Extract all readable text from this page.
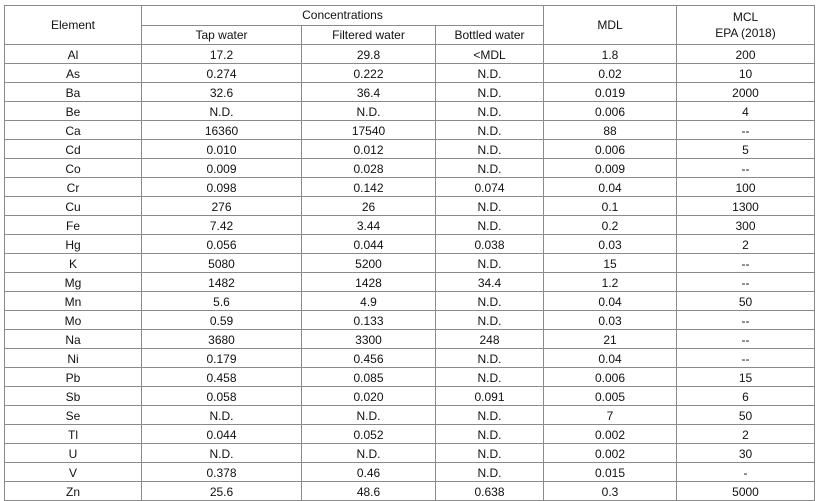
Element	Concentrations			MDL	MCL
EPA (2018)

	Tap water	Filtered water	Bottled water		
Al	17.2	29.8	<MDL	1.8	200
As	0.274	0.222	N.D.	0.02	10
Ba	32.6	36.4	N.D.	0.019	2000
Be	N.D.	N.D.	N.D.	0.006	4
Ca	16360	17540	N.D.	88	--
Cd	0.010	0.012	N.D.	0.006	5
Co	0.009	0.028	N.D.	0.009	--
Cr	0.098	0.142	0.074	0.04	100
Cu	276	26	N.D.	0.1	1300
Fe	7.42	3.44	N.D.	0.2	300
Hg	0.056	0.044	0.038	0.03	2
K	5080	5200	N.D.	15	--
Mg	1482	1428	34.4	1.2	--
Mn	5.6	4.9	N.D.	0.04	50
Mo	0.59	0.133	N.D.	0.03	--
Na	3680	3300	248	21	--
Ni	0.179	0.456	N.D.	0.04	--
Pb	0.458	0.085	N.D.	0.006	15
Sb	0.058	0.020	0.091	0.005	6
Se	N.D.	N.D.	N.D.	7	50
Tl	0.044	0.052	N.D.	0.002	2
U	N.D.	N.D.	N.D.	0.002	30
V	0.378	0.46	N.D.	0.015	-
Zn	25.6	48.6	0.638	0.3	5000
